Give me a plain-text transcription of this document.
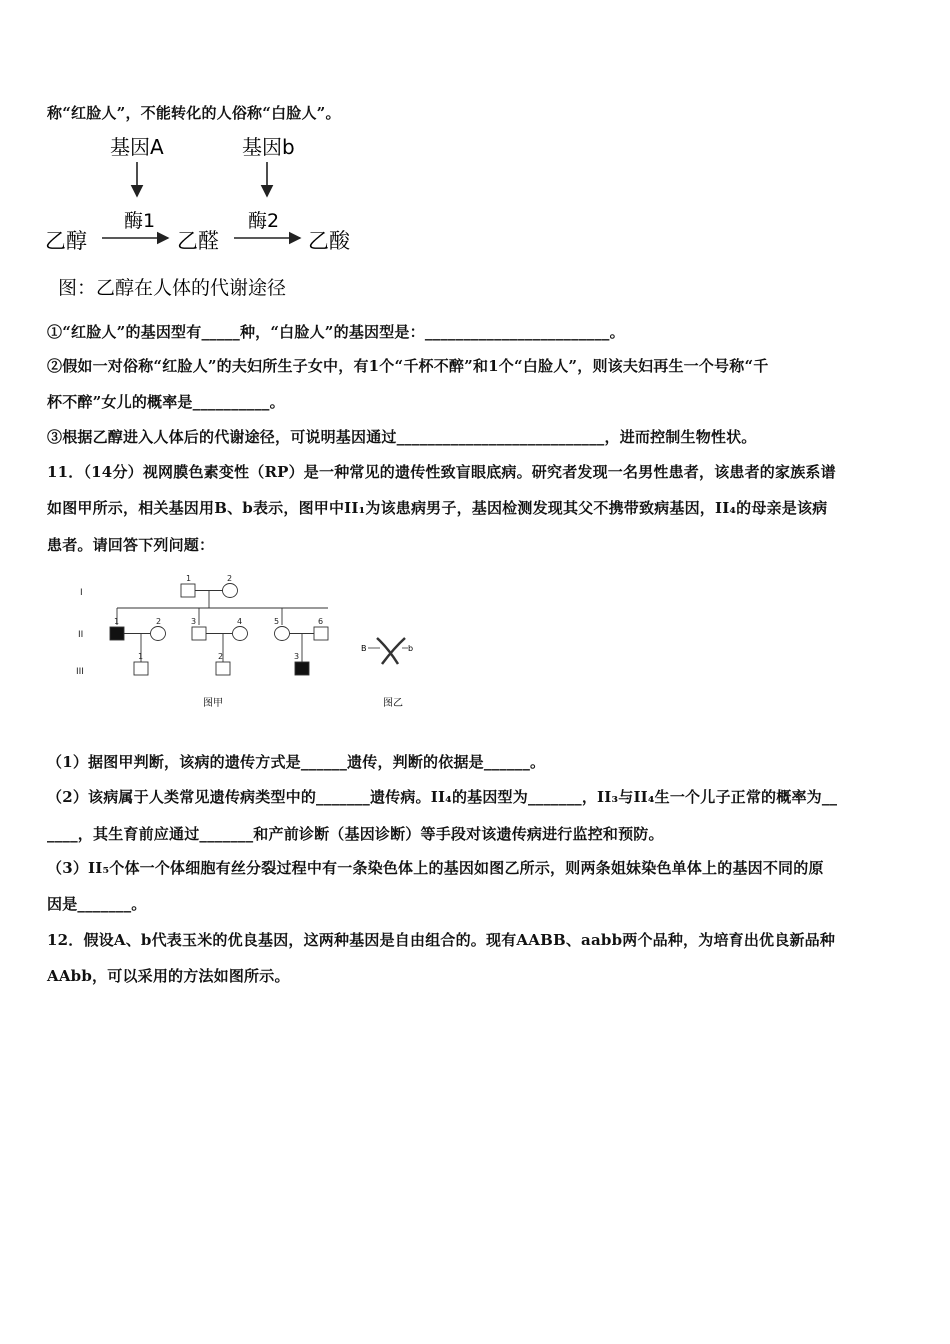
称“红脸人”，不能转化的人俗称“白脸人”。
基因A	基因b
酶1	酶2
乙醇	乙醛	乙酸
图：乙醇在人体的代谢途径
①“红脸人”的基因型有_____种，“白脸人”的基因型是：________________________。
②假如一对俗称“红脸人”的夫妇所生子女中，有1个“千杯不醉”和1个“白脸人”，则该夫妇再生一个号称“千
杯不醉”女儿的概率是__________。
③根据乙醇进入人体后的代谢途径，可说明基因通过___________________________，进而控制生物性状。
11．（14分）视网膜色素变性（RP）是一种常见的遗传性致盲眼底病。研究者发现一名男性患者，该患者的家族系谱
如图甲所示，相关基因用B、b表示，图甲中II₁为该患病男子，基因检测发现其父不携带致病基因，II₄的母亲是该病
患者。请回答下列问题：
I
II
III
1	2
1	2	3	4	5	6
1	2	3
图甲
B	b
图乙
（1）据图甲判断，该病的遗传方式是______遗传，判断的依据是______。
（2）该病属于人类常见遗传病类型中的_______遗传病。II₄的基因型为_______，II₃与II₄生一个儿子正常的概率为__
____，其生育前应通过_______和产前诊断（基因诊断）等手段对该遗传病进行监控和预防。
（3）II₅个体一个体细胞有丝分裂过程中有一条染色体上的基因如图乙所示，则两条姐妹染色单体上的基因不同的原
因是_______。
12．假设A、b代表玉米的优良基因，这两种基因是自由组合的。现有AABB、aabb两个品种，为培育出优良新品种
AAbb，可以采用的方法如图所示。
